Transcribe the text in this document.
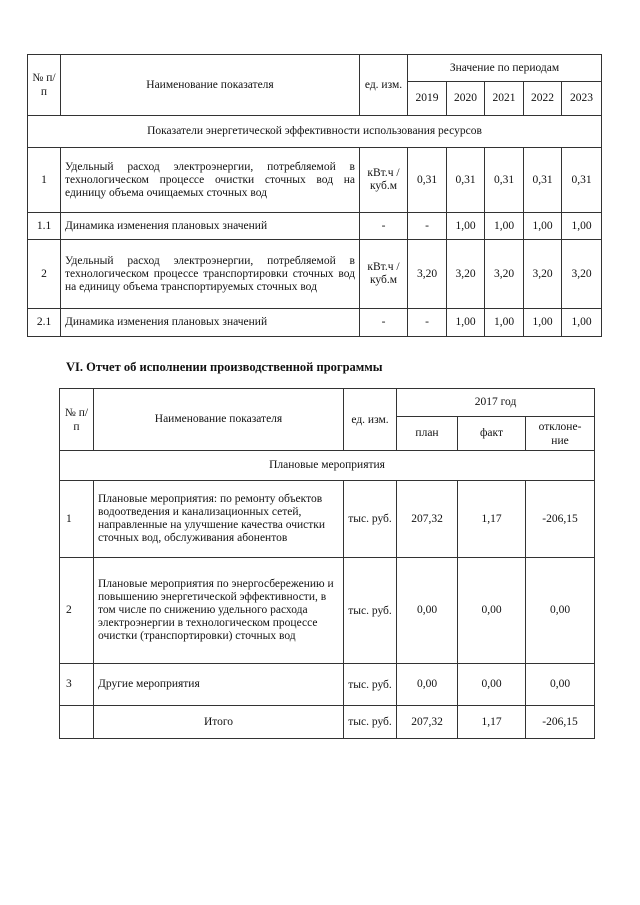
№ п/п	Наименование показателя	ед. изм.	Значение по периодам				
			2019	2020	2021	2022	2023
Показатели энергетической эффективности использования ресурсов							
1	Удельный расход электроэнергии, потребляемой в технологическом процессе очистки сточных вод на единицу объема очищаемых сточных вод	кВт.ч / куб.м	0,31	0,31	0,31	0,31	0,31
1.1	Динамика изменения плановых значений	-	-	1,00	1,00	1,00	1,00
2	Удельный расход электроэнергии, потребляемой в технологическом процессе транспортировки сточных вод на единицу объема транспортируемых сточных вод	кВт.ч / куб.м	3,20	3,20	3,20	3,20	3,20
2.1	Динамика изменения плановых значений	-	-	1,00	1,00	1,00	1,00
VI. Отчет об исполнении производственной программы
№ п/п	Наименование показателя	ед. изм.	2017 год		
			план	факт	отклоне-ние
Плановые мероприятия					
1	Плановые мероприятия: по ремонту объектов водоотведения и канализационных сетей, направленные на улучшение качества очистки сточных вод, обслуживания абонентов	тыс. руб.	207,32	1,17	-206,15
2	Плановые мероприятия по энергосбережению и повышению энергетической эффективности, в том числе по снижению удельного расхода электроэнергии в технологическом процессе очистки (транспортировки) сточных вод	тыс. руб.	0,00	0,00	0,00
3	Другие мероприятия	тыс. руб.	0,00	0,00	0,00
	Итого	тыс. руб.	207,32	1,17	-206,15
